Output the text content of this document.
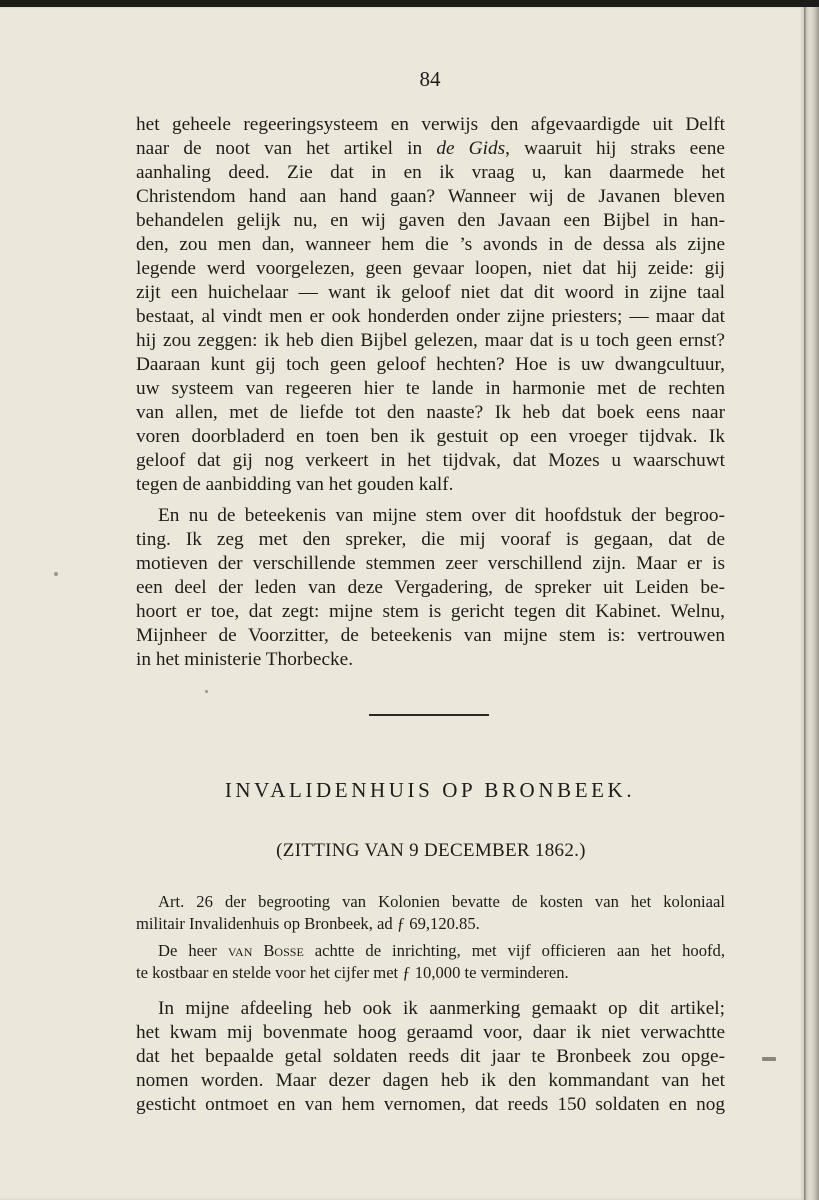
84
het geheele regeeringsysteem en verwijs den afgevaardigde uit Delft
naar de noot van het artikel in de Gids, waaruit hij straks eene
aanhaling deed. Zie dat in en ik vraag u, kan daarmede het
Christendom hand aan hand gaan? Wanneer wij de Javanen bleven
behandelen gelijk nu, en wij gaven den Javaan een Bijbel in han-
den, zou men dan, wanneer hem die ’s avonds in de dessa als zijne
legende werd voorgelezen, geen gevaar loopen, niet dat hij zeide: gij
zijt een huichelaar — want ik geloof niet dat dit woord in zijne taal
bestaat, al vindt men er ook honderden onder zijne priesters; — maar dat
hij zou zeggen: ik heb dien Bijbel gelezen, maar dat is u toch geen ernst?
Daaraan kunt gij toch geen geloof hechten? Hoe is uw dwangcultuur,
uw systeem van regeeren hier te lande in harmonie met de rechten
van allen, met de liefde tot den naaste? Ik heb dat boek eens naar
voren doorbladerd en toen ben ik gestuit op een vroeger tijdvak. Ik
geloof dat gij nog verkeert in het tijdvak, dat Mozes u waarschuwt
tegen de aanbidding van het gouden kalf.
En nu de beteekenis van mijne stem over dit hoofdstuk der begroo-
ting. Ik zeg met den spreker, die mij vooraf is gegaan, dat de
motieven der verschillende stemmen zeer verschillend zijn. Maar er is
een deel der leden van deze Vergadering, de spreker uit Leiden be-
hoort er toe, dat zegt: mijne stem is gericht tegen dit Kabinet. Welnu,
Mijnheer de Voorzitter, de beteekenis van mijne stem is: vertrouwen
in het ministerie Thorbecke.
INVALIDENHUIS OP BRONBEEK.
(ZITTING VAN 9 DECEMBER 1862.)
Art. 26 der begrooting van Kolonien bevatte de kosten van het koloniaal
militair Invalidenhuis op Bronbeek, ad ƒ 69,120.85.
De heer van Bosse achtte de inrichting, met vijf officieren aan het hoofd,
te kostbaar en stelde voor het cijfer met ƒ 10,000 te verminderen.
In mijne afdeeling heb ook ik aanmerking gemaakt op dit artikel;
het kwam mij bovenmate hoog geraamd voor, daar ik niet verwachtte
dat het bepaalde getal soldaten reeds dit jaar te Bronbeek zou opge-
nomen worden. Maar dezer dagen heb ik den kommandant van het
gesticht ontmoet en van hem vernomen, dat reeds 150 soldaten en nog
